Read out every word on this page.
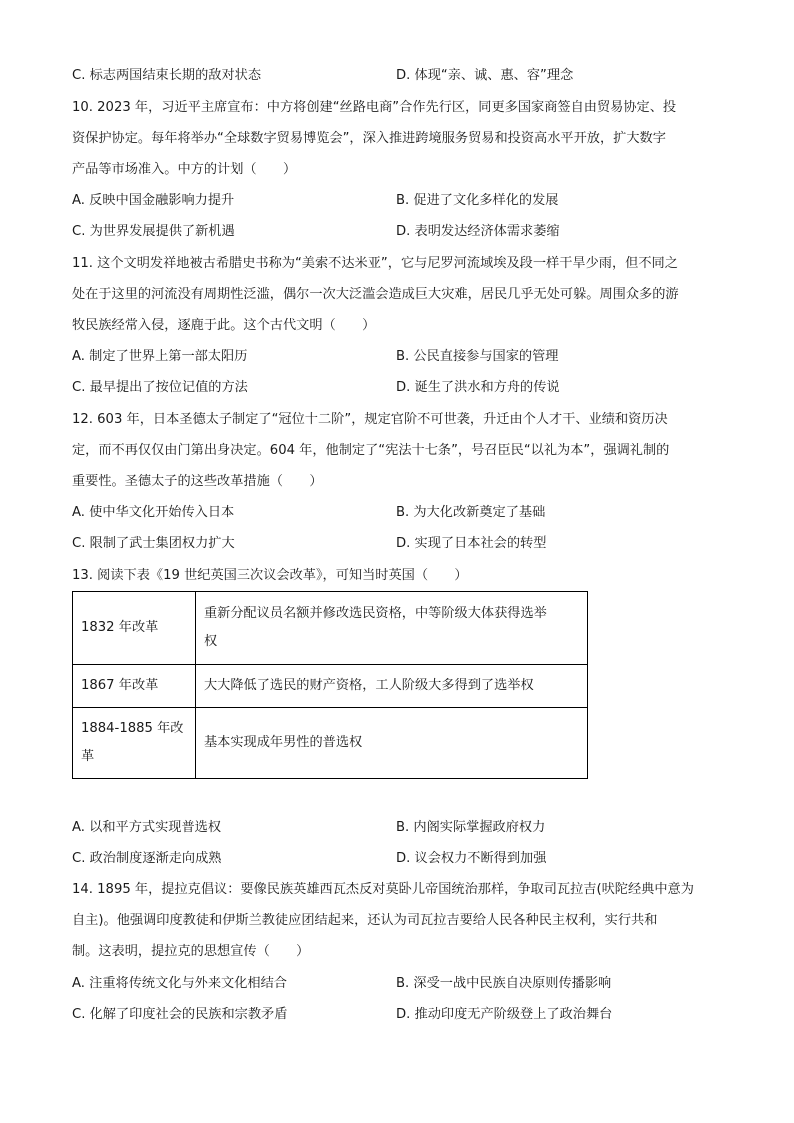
C. 标志两国结束长期的敌对状态	D. 体现“亲、诚、惠、容”理念
10. 2023 年，习近平主席宣布：中方将创建“丝路电商”合作先行区，同更多国家商签自由贸易协定、投
资保护协定。每年将举办“全球数字贸易博览会”，深入推进跨境服务贸易和投资高水平开放，扩大数字
产品等市场准入。中方的计划（　　）
A. 反映中国金融影响力提升	B. 促进了文化多样化的发展
C. 为世界发展提供了新机遇	D. 表明发达经济体需求萎缩
11. 这个文明发祥地被古希腊史书称为“美索不达米亚”，它与尼罗河流域埃及段一样干旱少雨，但不同之
处在于这里的河流没有周期性泛滥，偶尔一次大泛滥会造成巨大灾难，居民几乎无处可躲。周围众多的游
牧民族经常入侵，逐鹿于此。这个古代文明（　　）
A. 制定了世界上第一部太阳历	B. 公民直接参与国家的管理
C. 最早提出了按位记值的方法	D. 诞生了洪水和方舟的传说
12. 603 年，日本圣德太子制定了“冠位十二阶”，规定官阶不可世袭，升迁由个人才干、业绩和资历决
定，而不再仅仅由门第出身决定。604 年，他制定了“宪法十七条”，号召臣民“以礼为本”，强调礼制的
重要性。圣德太子的这些改革措施（　　）
A. 使中华文化开始传入日本	B. 为大化改新奠定了基础
C. 限制了武士集团权力扩大	D. 实现了日本社会的转型
13. 阅读下表《19 世纪英国三次议会改革》，可知当时英国（　　）
1832 年改革	重新分配议员名额并修改选民资格，中等阶级大体获得选举
权

1867 年改革	大大降低了选民的财产资格，工人阶级大多得到了选举权

1884-1885 年改
革	基本实现成年男性的普选权
A. 以和平方式实现普选权	B. 内阁实际掌握政府权力
C. 政治制度逐渐走向成熟	D. 议会权力不断得到加强
14. 1895 年，提拉克倡议：要像民族英雄西瓦杰反对莫卧儿帝国统治那样，争取司瓦拉吉(吠陀经典中意为
自主)。他强调印度教徒和伊斯兰教徒应团结起来，还认为司瓦拉吉要给人民各种民主权利，实行共和
制。这表明，提拉克的思想宣传（　　）
A. 注重将传统文化与外来文化相结合	B. 深受一战中民族自决原则传播影响
C. 化解了印度社会的民族和宗教矛盾	D. 推动印度无产阶级登上了政治舞台
